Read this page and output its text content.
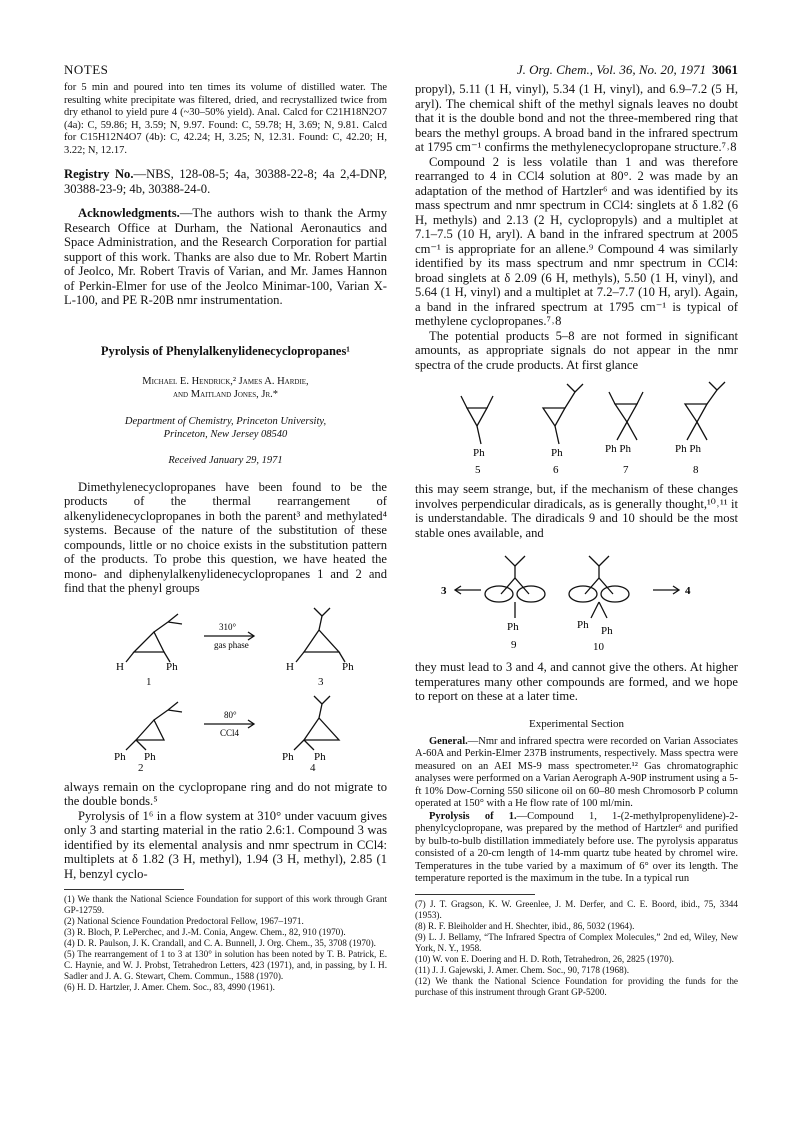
NOTES	J. Org. Chem., Vol. 36, No. 20, 1971 3061

for 5 min and poured into ten times its volume of distilled water. The resulting white precipitate was filtered, dried, and recrystallized twice from dry ethanol to yield pure 4 (~30–50% yield). Anal. Calcd for C21H18N2O7 (4a): C, 59.86; H, 3.59; N, 9.97. Found: C, 59.78; H, 3.69; N, 9.81. Calcd for C15H12N4O7 (4b): C, 42.24; H, 3.25; N, 12.31. Found: C, 42.20; H, 3.22; N, 12.17.

Registry No.—NBS, 128-08-5; 4a, 30388-22-8; 4a 2,4-DNP, 30388-23-9; 4b, 30388-24-0.

Acknowledgments.—The authors wish to thank the Army Research Office at Durham, the National Aeronautics and Space Administration, and the Research Corporation for partial support of this work. Thanks are also due to Mr. Robert Martin of Jeolco, Mr. Robert Travis of Varian, and Mr. James Hannon of Perkin-Elmer for use of the Jeolco Minimar-100, Varian X-L-100, and PE R-20B nmr instrumentation.

Pyrolysis of Phenylalkenylidenecyclopropanes¹
Michael E. Hendrick,² James A. Hardie,
and Maitland Jones, Jr.*
Department of Chemistry, Princeton University,
Princeton, New Jersey 08540
Received January 29, 1971

Dimethylenecyclopropanes have been found to be the products of the thermal rearrangement of alkenylidenecyclopropanes in both the parent³ and methylated⁴ systems. Because of the nature of the substitution of these compounds, little or no choice exists in the substitution pattern of the products. To probe this question, we have heated the mono- and diphenylalkenylidenecyclopropanes 1 and 2 and find that the phenyl groups

310°
gas phase
H	Ph	H	Ph
1	3
80°
CCl4
Ph Ph	Ph Ph
2	4

always remain on the cyclopropane ring and do not migrate to the double bonds.⁵

Pyrolysis of 1⁶ in a flow system at 310° under vacuum gives only 3 and starting material in the ratio 2.6:1. Compound 3 was identified by its elemental analysis and nmr spectrum in CCl4: multiplets at δ 1.82 (3 H, methyl), 1.94 (3 H, methyl), 2.85 (1 H, benzyl cyclo-

(1) We thank the National Science Foundation for support of this work through Grant GP-12759.

(2) National Science Foundation Predoctoral Fellow, 1967–1971.

(3) R. Bloch, P. LePerchec, and J.-M. Conia, Angew. Chem., 82, 910 (1970).

(4) D. R. Paulson, J. K. Crandall, and C. A. Bunnell, J. Org. Chem., 35, 3708 (1970).

(5) The rearrangement of 1 to 3 at 130° in solution has been noted by T. B. Patrick, E. C. Haynie, and W. J. Probst, Tetrahedron Letters, 423 (1971), and, in passing, by I. H. Sadler and J. A. G. Stewart, Chem. Commun., 1588 (1970).

(6) H. D. Hartzler, J. Amer. Chem. Soc., 83, 4990 (1961).

propyl), 5.11 (1 H, vinyl), 5.34 (1 H, vinyl), and 6.9–7.2 (5 H, aryl). The chemical shift of the methyl signals leaves no doubt that it is the double bond and not the three-membered ring that bears the methyl groups. A broad band in the infrared spectrum at 1795 cm⁻¹ confirms the methylenecyclopropane structure.⁷˒8

Compound 2 is less volatile than 1 and was therefore rearranged to 4 in CCl4 solution at 80°. 2 was made by an adaptation of the method of Hartzler⁶ and was identified by its mass spectrum and nmr spectrum in CCl4: singlets at δ 1.82 (6 H, methyls) and 2.13 (2 H, cyclopropyls) and a multiplet at 7.1–7.5 (10 H, aryl). A band in the infrared spectrum at 2005 cm⁻¹ is appropriate for an allene.⁹ Compound 4 was similarly identified by its mass spectrum and nmr spectrum in CCl4: broad singlets at δ 2.09 (6 H, methyls), 5.50 (1 H, vinyl), and 5.64 (1 H, vinyl) and a multiplet at 7.2–7.7 (10 H, aryl). Again, a band in the infrared spectrum at 1795 cm⁻¹ is typical of methylene cyclopropanes.⁷˒8

The potential products 5–8 are not formed in significant amounts, as appropriate signals do not appear in the nmr spectra of the crude products. At first glance

Ph	Ph	Ph Ph	Ph Ph
5	6	7	8

this may seem strange, but, if the mechanism of these changes involves perpendicular diradicals, as is generally thought,¹⁰˒¹¹ it is understandable. The diradicals 9 and 10 should be the most stable ones available, and

3	4
Ph	Ph Ph
9	10

they must lead to 3 and 4, and cannot give the others. At higher temperatures many other compounds are formed, and we hope to report on these at a later time.

Experimental Section

General.—Nmr and infrared spectra were recorded on Varian Associates A-60A and Perkin-Elmer 237B instruments, respectively. Mass spectra were measured on an AEI MS-9 mass spectrometer.¹² Gas chromatographic analyses were performed on a Varian Aerograph A-90P instrument using a 5-ft 10% Dow-Corning 550 silicone oil on 60–80 mesh Chromosorb P column operated at 150° with a He flow rate of 100 ml/min.

Pyrolysis of 1.—Compound 1, 1-(2-methylpropenylidene)-2-phenylcyclopropane, was prepared by the method of Hartzler⁶ and purified by bulb-to-bulb distillation immediately before use. The pyrolysis apparatus consisted of a 20-cm length of 14-mm quartz tube heated by chromel wire. Temperatures in the tube varied by a maximum of 6° over its length. The temperature reported is the maximum in the tube. In a typical run

(7) J. T. Gragson, K. W. Greenlee, J. M. Derfer, and C. E. Boord, ibid., 75, 3344 (1953).

(8) R. F. Bleiholder and H. Shechter, ibid., 86, 5032 (1964).

(9) L. J. Bellamy, “The Infrared Spectra of Complex Molecules,” 2nd ed, Wiley, New York, N. Y., 1958.

(10) W. von E. Doering and H. D. Roth, Tetrahedron, 26, 2825 (1970).

(11) J. J. Gajewski, J. Amer. Chem. Soc., 90, 7178 (1968).

(12) We thank the National Science Foundation for providing the funds for the purchase of this instrument through Grant GP-5200.
